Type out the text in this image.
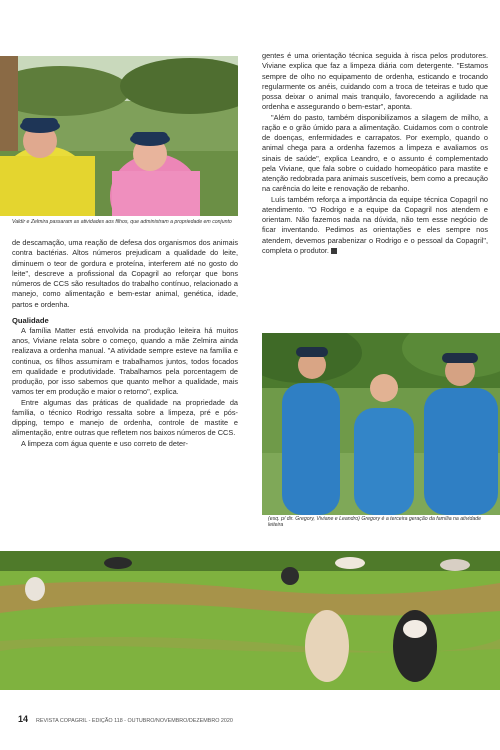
Valdir e Zelmira passaram as atividades aos filhos, que administram a propriedade em conjunto

de descamação, uma reação de defesa dos organismos dos animais contra bactérias. Altos números prejudicam a qualidade do leite, diminuem o teor de gordura e proteína, interferem até no gosto do leite", descreve a profissional da Copagril ao reforçar que bons números de CCS são resultados do trabalho contínuo, relacionado a manejo, como alimentação e bem-estar animal, genética, idade, partos e ordenha.

Qualidade

A família Matter está envolvida na produção leiteira há muitos anos, Viviane relata sobre o começo, quando a mãe Zelmira ainda realizava a ordenha manual. "A atividade sempre esteve na família e continua, os filhos assumiram e trabalhamos juntos, todos focados em qualidade e produtividade. Trabalhamos pela porcentagem de produção, por isso sabemos que quanto melhor a qualidade, mais vamos ter em produção e maior o retorno", explica.

Entre algumas das práticas de qualidade na propriedade da família, o técnico Rodrigo ressalta sobre a limpeza, pré e pós-dipping, tempo e manejo de ordenha, controle de mastite e alimentação, entre outras que refletem nos baixos números de CCS.

A limpeza com água quente e uso correto de deter-

gentes é uma orientação técnica seguida à risca pelos produtores. Viviane explica que faz a limpeza diária com detergente. "Estamos sempre de olho no equipamento de ordenha, esticando e trocando regularmente os anéis, cuidando com a troca de teteiras e tudo que possa deixar o animal mais tranquilo, favorecendo a agilidade na ordenha e assegurando o bem-estar", aponta.

"Além do pasto, também disponibilizamos a silagem de milho, a ração e o grão úmido para a alimentação. Cuidamos com o controle de doenças, enfermidades e carrapatos. Por exemplo, quando o animal chega para a ordenha fazemos a limpeza e avaliamos os sinais de saúde", explica Leandro, e o assunto é complementado pela Viviane, que fala sobre o cuidado homeopático para mastite e atenção redobrada para animais suscetíveis, bem como a precaução na carência do leite e renovação de rebanho.

Luís também reforça a importância da equipe técnica Copagril no atendimento. "O Rodrigo e a equipe da Copagril nos atendem e orientam. Não fazemos nada na dúvida, não tem esse negócio de ficar inventando. Pedimos as orientações e eles sempre nos atendem, devemos parabenizar o Rodrigo e o pessoal da Copagril", completa o produtor.

(esq. p/ dir. Gregory, Viviane e Leandro) Gregory é a terceira geração da família na atividade leiteira
14 REVISTA COPAGRIL - EDIÇÃO 118 - OUTUBRO/NOVEMBRO/DEZEMBRO 2020
